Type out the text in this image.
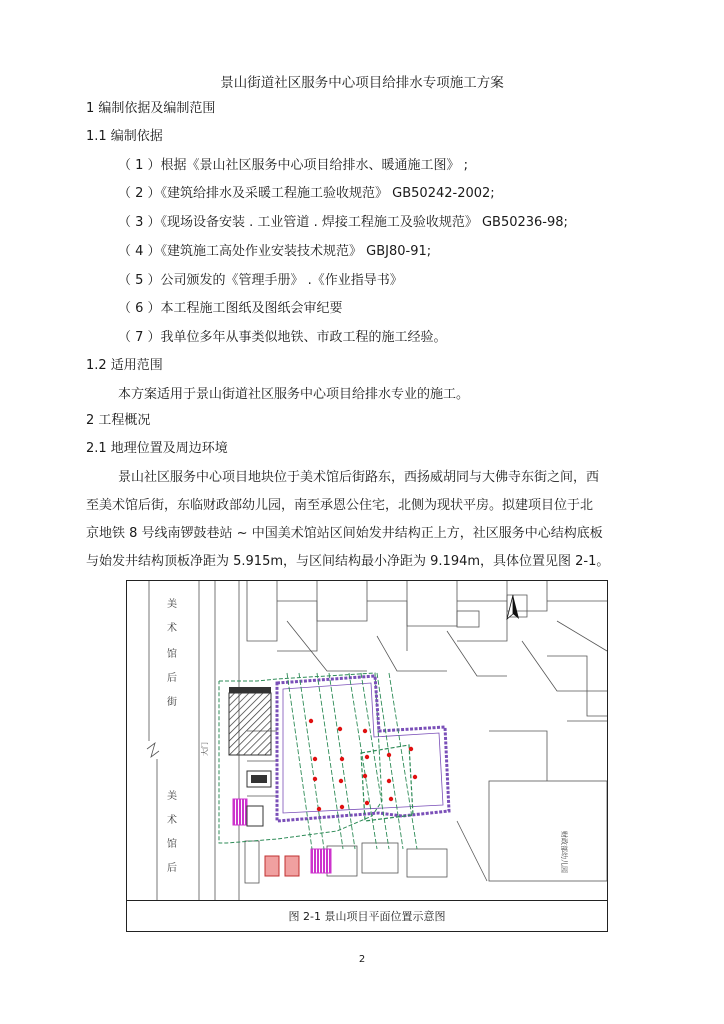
景山街道社区服务中心项目给排水专项施工方案
1 编制依据及编制范围
1.1 编制依据
（ 1 ）根据《景山社区服务中心项目给排水、暖通施工图》 ;
（ 2 ）《建筑给排水及采暖工程施工验收规范》 GB50242-2002;
（ 3 ）《现场设备安装 . 工业管道 . 焊接工程施工及验收规范》 GB50236-98;
（ 4 ）《建筑施工高处作业安装技术规范》 GBJ80-91;
（ 5 ）公司颁发的《管理手册》 .《作业指导书》
（ 6 ）本工程施工图纸及图纸会审纪要
（ 7 ）我单位多年从事类似地铁、市政工程的施工经验。
1.2 适用范围
本方案适用于景山街道社区服务中心项目给排水专业的施工。
2 工程概况
2.1 地理位置及周边环境
景山社区服务中心项目地块位于美术馆后街路东，西扬威胡同与大佛寺东街之间，西
至美术馆后街，东临财政部幼儿园，南至承恩公住宅，北侧为现状平房。拟建项目位于北
京地铁 8 号线南锣鼓巷站 ~ 中国美术馆站区间始发井结构正上方，社区服务中心结构底板
与始发井结构顶板净距为 5.915m，与区间结构最小净距为 9.194m，具体位置见图 2-1。
美
术
馆
后
街
美
术
馆
后
大门
财政部幼儿园
图 2-1 景山项目平面位置示意图
2
